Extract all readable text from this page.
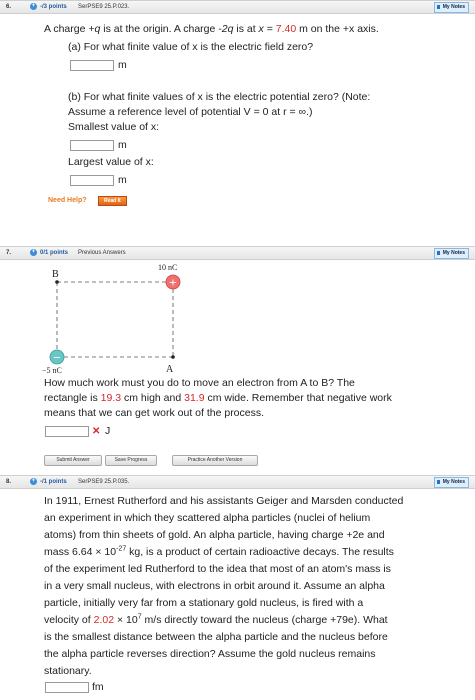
6.	+ -/3 points SerPSE9 25.P.023.	My Notes
A charge +q is at the origin. A charge -2q is at x = 7.40 m on the +x axis.
(a) For what finite value of x is the electric field zero?
m
(b) For what finite values of x is the electric potential zero? (Note:
Assume a reference level of potential V = 0 at r = ∞.)
Smallest value of x:
m
Largest value of x:
m
Need Help?	Read It
7.	+ 0/1 points Previous Answers	My Notes
+
−
B
A
10 nC
−5 nC
How much work must you do to move an electron from A to B? The
rectangle is 19.3 cm high and 31.9 cm wide. Remember that negative work
means that we can get work out of the process.
✕ J
Submit Answer	Save Progress	Practice Another Version
8.	+ -/1 points SerPSE9 25.P.035.	My Notes
In 1911, Ernest Rutherford and his assistants Geiger and Marsden conducted
an experiment in which they scattered alpha particles (nuclei of helium
atoms) from thin sheets of gold. An alpha particle, having charge +2e and
mass $6.64 \times 10^{-27}$ kg, is a product of certain radioactive decays. The results
of the experiment led Rutherford to the idea that most of an atom's mass is
in a very small nucleus, with electrons in orbit around it. Assume an alpha
particle, initially very far from a stationary gold nucleus, is fired with a
velocity of $2.02 \times 10^7$ m/s directly toward the nucleus (charge +79e). What
is the smallest distance between the alpha particle and the nucleus before
the alpha particle reverses direction? Assume the gold nucleus remains
stationary.
fm
